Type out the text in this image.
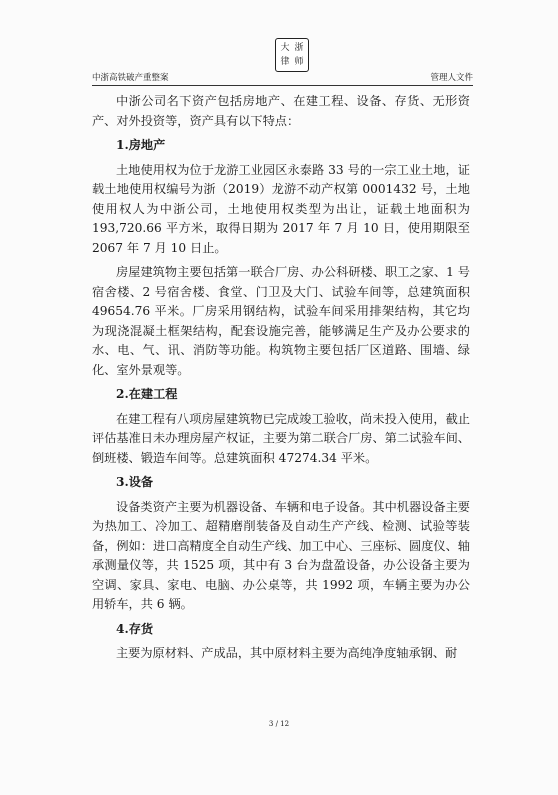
大 浙
律 师
中浙高铁破产重整案	管理人文件

中浙公司名下资产包括房地产、在建工程、设备、存货、无形资产、对外投资等，资产具有以下特点：

1.房地产

土地使用权为位于龙游工业园区永泰路 33 号的一宗工业土地，证载土地使用权编号为浙（2019）龙游不动产权第 0001432 号，土地使用权人为中浙公司，土地使用权类型为出让，证载土地面积为 193,720.66 平方米，取得日期为 2017 年 7 月 10 日，使用期限至 2067 年 7 月 10 日止。

房屋建筑物主要包括第一联合厂房、办公科研楼、职工之家、1 号宿舍楼、2 号宿舍楼、食堂、门卫及大门、试验车间等，总建筑面积 49654.76 平米。厂房采用钢结构，试验车间采用排架结构，其它均为现浇混凝土框架结构，配套设施完善，能够满足生产及办公要求的水、电、气、讯、消防等功能。构筑物主要包括厂区道路、围墙、绿化、室外景观等。

2.在建工程

在建工程有八项房屋建筑物已完成竣工验收，尚未投入使用，截止评估基准日未办理房屋产权证，主要为第二联合厂房、第二试验车间、倒班楼、锻造车间等。总建筑面积 47274.34 平米。

3.设备

设备类资产主要为机器设备、车辆和电子设备。其中机器设备主要为热加工、冷加工、超精磨削装备及自动生产产线、检测、试验等装备，例如：进口高精度全自动生产线、加工中心、三座标、圆度仪、轴承测量仪等，共 1525 项，其中有 3 台为盘盈设备，办公设备主要为空调、家具、家电、电脑、办公桌等，共 1992 项，车辆主要为办公用轿车，共 6 辆。

4.存货

主要为原材料、产成品，其中原材料主要为高纯净度轴承钢、耐

3 / 12
